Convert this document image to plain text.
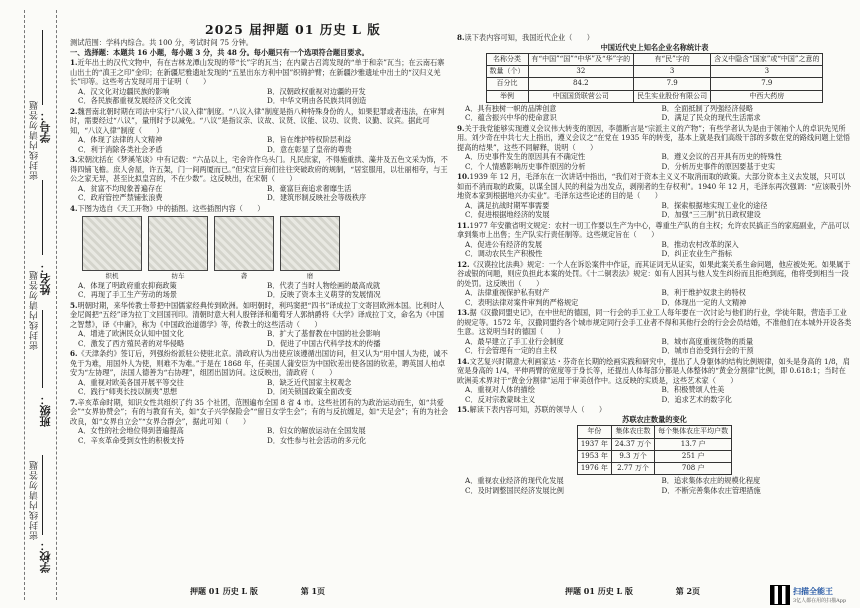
密封线内请勿答题
密封线内请勿答题
密封线内请勿答题
学号：
姓名：
班级：
学校：
2025 届押题 01 历史 L 版

测试范围：学科内综合。共 100 分，考试时间 75 分钟。

一、选择题：本题共 16 小题，每小题 3 分，共 48 分。每小题只有一个选项符合题目要求。

1.近年出土的汉代文物中，有在吉林龙潭山发现的带“长”字的瓦当；在内蒙古召湾发现的“单于和亲”瓦当；在云南石寨山出土的“滇王之印”金印；在新疆尼雅遗址发现的“五星出东方利中国”织锦护臂；在新疆沙雅遗址中出土的“汉归义羌长”印等。这些考古发现可用于证明（　　）

A．汉文化对边疆民族的影响	B．汉朝政权重视对边疆的开发
C．各民族都重视发展经济文化交流	D．中华文明由各民族共同创造

2.魏晋南北朝时期在司法中实行“八议入律”制度。“八议入律”制度是指八种特殊身份的人，如果犯罪或者违法，在审判时，需要经过“八议”，量刑时予以减免。“八议”是指议亲、议故、议贤、议能、议功、议贵、议勤、议宾。据此可知，“八议入律”制度（　　）

A．体现了法律的人文精神	B．旨在维护特权阶层利益
C．利于消除各类社会矛盾	D．意在彰显了皇帝的尊贵

3.宋朝沈括在《梦溪笔谈》中有记载：“六品以上，宅舍许作乌头门。凡民庶家，不得施重拱、藻井及五色文采为饰，不得四铺飞檐。庶人舍屋，许五架，门一间两厦而已。”但宋宣巨商们往往突破政府的规制，“居室服用，以壮丽相夸，与王公之家无异，甚至比拟皇宫的，不在少数”。这反映出，在宋朝（　　）

A．贫富不均现象普遍存在	B．豪富巨商追求奢靡生活
C．政府管控严禁铺张浪费	D．建筑形制反映社会等级秩序

4.下图为选自《天工开物》中的插图。这些插图内容（　　）

织机	纺车	砻	磨
A．体现了明政府重农抑商政策	B．代表了当时人物绘画的最高成就
C．再现了手工生产劳动的场景	D．反映了资本主义萌芽的发展情况

5.明朝时期，来华传教士带把中国儒家经典传到欧洲。如明朝时，利玛窦把“四书”译成拉丁文寄回欧洲本国。比利时人金尼阁把“五经”译为拉丁文回国刊印。清朝时意大利人殷铎泽和葡萄牙人郭纳爵将《大学》译成拉丁文，命名为《中国之智慧》，译《中庸》，称为《中国政治道德学》等，传教士的这些活动（　　）

A．增进了欧洲民众认知中国文化	B．扩大了基督教在中国的社会影响
C．激发了西方殖民者的对华侵略	D．促进了中国古代科学技术的传播

6.《天津条约》签订后，列强纷纷派驻公使驻北京。清政府认为出使应该遵循出国访问，但又认为“用中国人为使，诚不免于为难，用国外人为使，则难不为难。”于是在 1868 年，任美国人蒲安臣为中国钦差出使各国的钦差，聘英国人柏卓安为“左协理”，法国人德善为“右协理”，组团出国访问。这反映出，清政府（　　）

A．重视对欧美各国开展平等交往	B．缺乏近代国家主权观念
C．践行“师夷长技以制夷”思想	D．闭关锁国政策全面改变

7.辛亥革命时期，知识女性共组织了约 35 个社团，范围遍布全国 8 省 4 市。这些社团有的为政治运动而生，如“共爱会”“女界协赞会”；有的与教育有关，如“女子兴学保险会”“留日女学生会”；有的与反抗缠足，如“天足会”；有的为社会改良，如“女界自立会”“女界合群会”，据此可知（　　）

A．女性的社会地位得到普遍提高	B．妇女的解放运动在全国发展
C．辛亥革命受到女性的积极支持	D．女性参与社会活动的多元化

8.读下表内容可知，我国近代企业（　　）

中国近代史上知名企业名称统计表

名称分类	有“中国”“国”“中华”及“华”字的	有“民”字的	含义中隐含“国家”或“中国”之意的
数量（个）	32	3	3
百分比	84.2	7.9	7.9
举例	中国国货联营公司	民生实业股份有限公司	中西大药房
A．具有独树一帜的品牌创意	B．全面抵制了列强经济侵略
C．蕴含振兴中华的使命意识	D．满足了民众的现代生活需求

9.关于我党能够实现遵义会议伟大转变的原因，李德断言是“宗派主义的产物”；有些学者认为是由于领袖个人的卓识先见所用。刘少奇在中共七大上指出，遵义会议之“在党在 1935 年的转变，基本上就是我们高级干部的多数在党的路线问题上觉悟提高的结果”，这些不同解释，说明（　　）

A．历史事件发生的原因具有不确定性	B．遵义会议的召开具有历史的特殊性
C．个人情感影响历史事件原因的分析	D．分析历史事件的原因要基于史实

10.1939 年 12 月，毛泽东在一次讲话中指出，“我们对于资本主义义不取消而取的政策。大部分资本主义去发展，只可以如而不消而取的政策，以谋全国人民的利益为出发点，剥削者的生存权利”。1940 年 12 月，毛泽东再次强调：“应该吸引外地资本家到根据地兴办实业”。毛泽东这些论述的目的是（　　）

A．满足抗战时期军事需要	B．探索根据地实现工业化的途径
C．促进根据地经济的发展	D．加强“三三制”抗日政权建设

11.1977 年安徽省明文规定：农村一切工作要以生产为中心，尊重生产队的自主权；允许农民搞正当的家庭副业，产品可以拿到集市上出售；生产队实行责任制等。这些规定旨在（　　）

A．促进公有经济的发展	B．推动农村改革的深入
C．调动农民生产积极性	D．纠正农业生产指标

12.《汉谟拉比法典》规定：一个人在诉讼案件中作证，而其证词无从证实，如果此案关系生命问题，他应被处死。如果属于谷或银的问题，则应负担此本案的处罚。《十二铜表法》规定：如有人因其与他人发生纠纷而且拒绝到庭，他将受到相当一段的处罚。这反映出（　　）

A．法律重视保护私有财产	B．利于维护奴隶主的特权
C．表明法律对案件审判的严格规定	D．体现出一定的人文精神

13.据《汉撒同盟史记》，在中世纪的德国，同一行会的手工业工人每年要在一次讨论与他们的行业，学徒年限，营造手工业的规定等。1572 年，汉撒同盟约各个城市规定同行会手工业者不得和其他行会的行会会员结婚，不准他们在本城外开设各类生意。这说明当时的德国（　　）

A．最早建立了手工业行会制度	B．城市高度重视货物的质量
C．行会管理有一定的自主权	D．城市自治受到行会的干预

14.文艺复兴时期意大利画家达・芬奇在长期的绘画实践和研究中，提出了人身躯体的结构比例规律，如头是身高的 1/8，肩宽是身高的 1/4，平伸两臂的宽度等于身长等，还提出人体每部分都是人体整体的“黄金分割律”比例，即 0.618:1；当时在欧洲美术界对于“黄金分割律”运用于审美创作中。这反映的实质是，这些艺术家（　　）

A．重视对人体的描绘	B．积极赞颂人性美
C．反对宗教蒙昧主义	D．追求艺术的数字化

15.解读下表内容可知，苏联的领导人（　　）

苏联农庄数量的变化

年份	集体农庄数	每个集体农庄平均户数
1937 年	24.37 万个	13.7 户
1953 年	9.3 万个	251 户
1976 年	2.77 万个	708 户
A．重视农业经济的现代化发展	B．追求集体农庄的规模化程度
C．及时调整国民经济发展比例	D．不断完善集体农庄管理措施
押题 01 历史 L 版	第 1页	押题 01 历史 L 版	第 2页	扫描全能王
3亿人都在用的扫描App
